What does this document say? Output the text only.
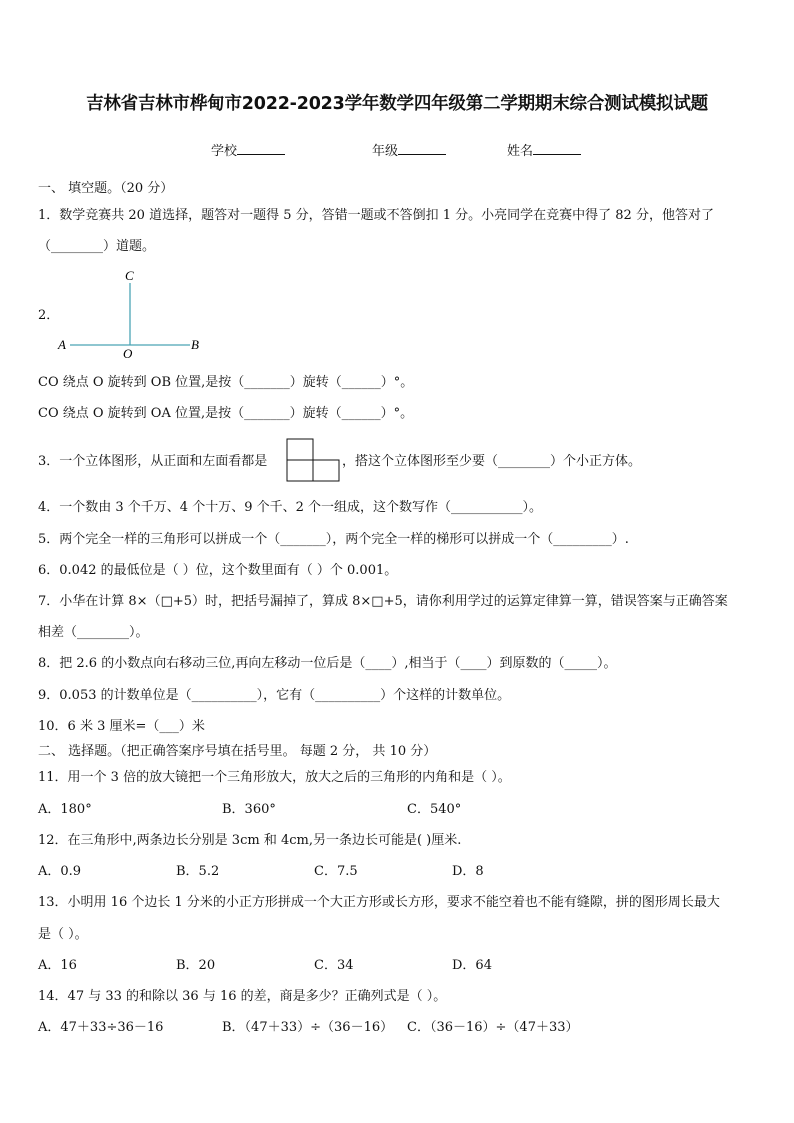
吉林省吉林市桦甸市2022-2023学年数学四年级第二学期期末综合测试模拟试题
学校	年级	姓名
一、 填空题。（20 分）
1．数学竞赛共 20 道选择，题答对一题得 5 分，答错一题或不答倒扣 1 分。小亮同学在竞赛中得了 82 分，他答对了
（________）道题。
2．
C
A
O
B
CO 绕点 O 旋转到 OB 位置,是按（_______）旋转（______）°。
CO 绕点 O 旋转到 OA 位置,是按（_______）旋转（______）°。
3．一个立体图形，从正面和左面看都是	，搭这个立体图形至少要（________）个小正方体。
4．一个数由 3 个千万、4 个十万、9 个千、2 个一组成，这个数写作（___________）。
5．两个完全一样的三角形可以拼成一个（_______），两个完全一样的梯形可以拼成一个（_________）.
6．0.042 的最低位是（ ）位，这个数里面有（ ）个 0.001。
7．小华在计算 8×（□+5）时，把括号漏掉了，算成 8×□+5，请你利用学过的运算定律算一算，错误答案与正确答案
相差（________）。
8．把 2.6 的小数点向右移动三位,再向左移动一位后是（____）,相当于（____）到原数的（_____）。
9．0.053 的计数单位是（__________），它有（__________）个这样的计数单位。
10．6 米 3 厘米=（___）米
二、 选择题。（把正确答案序号填在括号里。 每题 2 分， 共 10 分）
11．用一个 3 倍的放大镜把一个三角形放大，放大之后的三角形的内角和是（ ）。
A．180°	B．360°	C．540°
12．在三角形中,两条边长分别是 3cm 和 4cm,另一条边长可能是( )厘米.
A．0.9	B．5.2	C．7.5	D．8
13．小明用 16 个边长 1 分米的小正方形拼成一个大正方形或长方形，要求不能空着也不能有缝隙，拼的图形周长最大
是（ ）。
A．16	B．20	C．34	D．64
14．47 与 33 的和除以 36 与 16 的差，商是多少？正确列式是（ ）。
A．47＋33÷36－16	B．（47＋33）÷（36－16） C．（36－16）÷（47＋33）
